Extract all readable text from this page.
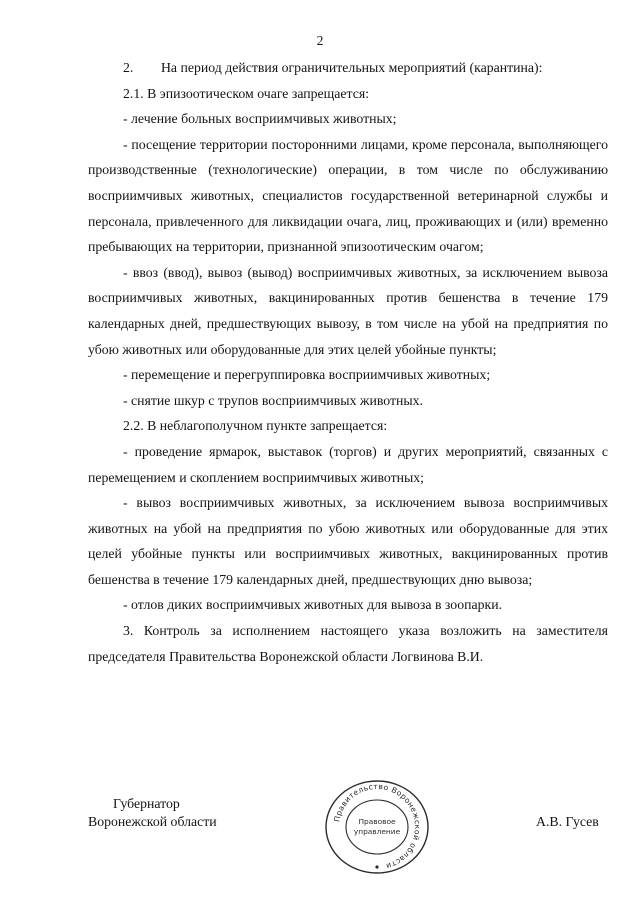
2

2.        На период действия ограничительных мероприятий (карантина):

2.1. В эпизоотическом очаге запрещается:

- лечение больных восприимчивых животных;

- посещение территории посторонними лицами, кроме персонала, выполняющего производственные (технологические) операции, в том числе по обслуживанию восприимчивых животных, специалистов государственной ветеринарной службы и персонала, привлеченного для ликвидации очага, лиц, проживающих и (или) временно пребывающих на территории, признанной эпизоотическим очагом;

- ввоз (ввод), вывоз (вывод) восприимчивых животных, за исключением вывоза восприимчивых животных, вакцинированных против бешенства в течение 179 календарных дней, предшествующих вывозу, в том числе на убой на предприятия по убою животных или оборудованные для этих целей убойные пункты;

- перемещение и перегруппировка восприимчивых животных;

- снятие шкур с трупов восприимчивых животных.

2.2. В неблагополучном пункте запрещается:

- проведение ярмарок, выставок (торгов) и других мероприятий, связанных с перемещением и скоплением восприимчивых животных;

- вывоз восприимчивых животных, за исключением вывоза восприимчивых животных на убой на предприятия по убою животных или оборудованные для этих целей убойные пункты или восприимчивых животных, вакцинированных против бешенства в течение 179 календарных дней, предшествующих дню вывоза;

- отлов диких восприимчивых животных для вывоза в зоопарки.

3. Контроль за исполнением настоящего указа возложить на заместителя председателя Правительства Воронежской области Логвинова В.И.

Губернатор
Воронежской области	А.В. Гусев
Правительство Воронежской области
Правовое
управление
